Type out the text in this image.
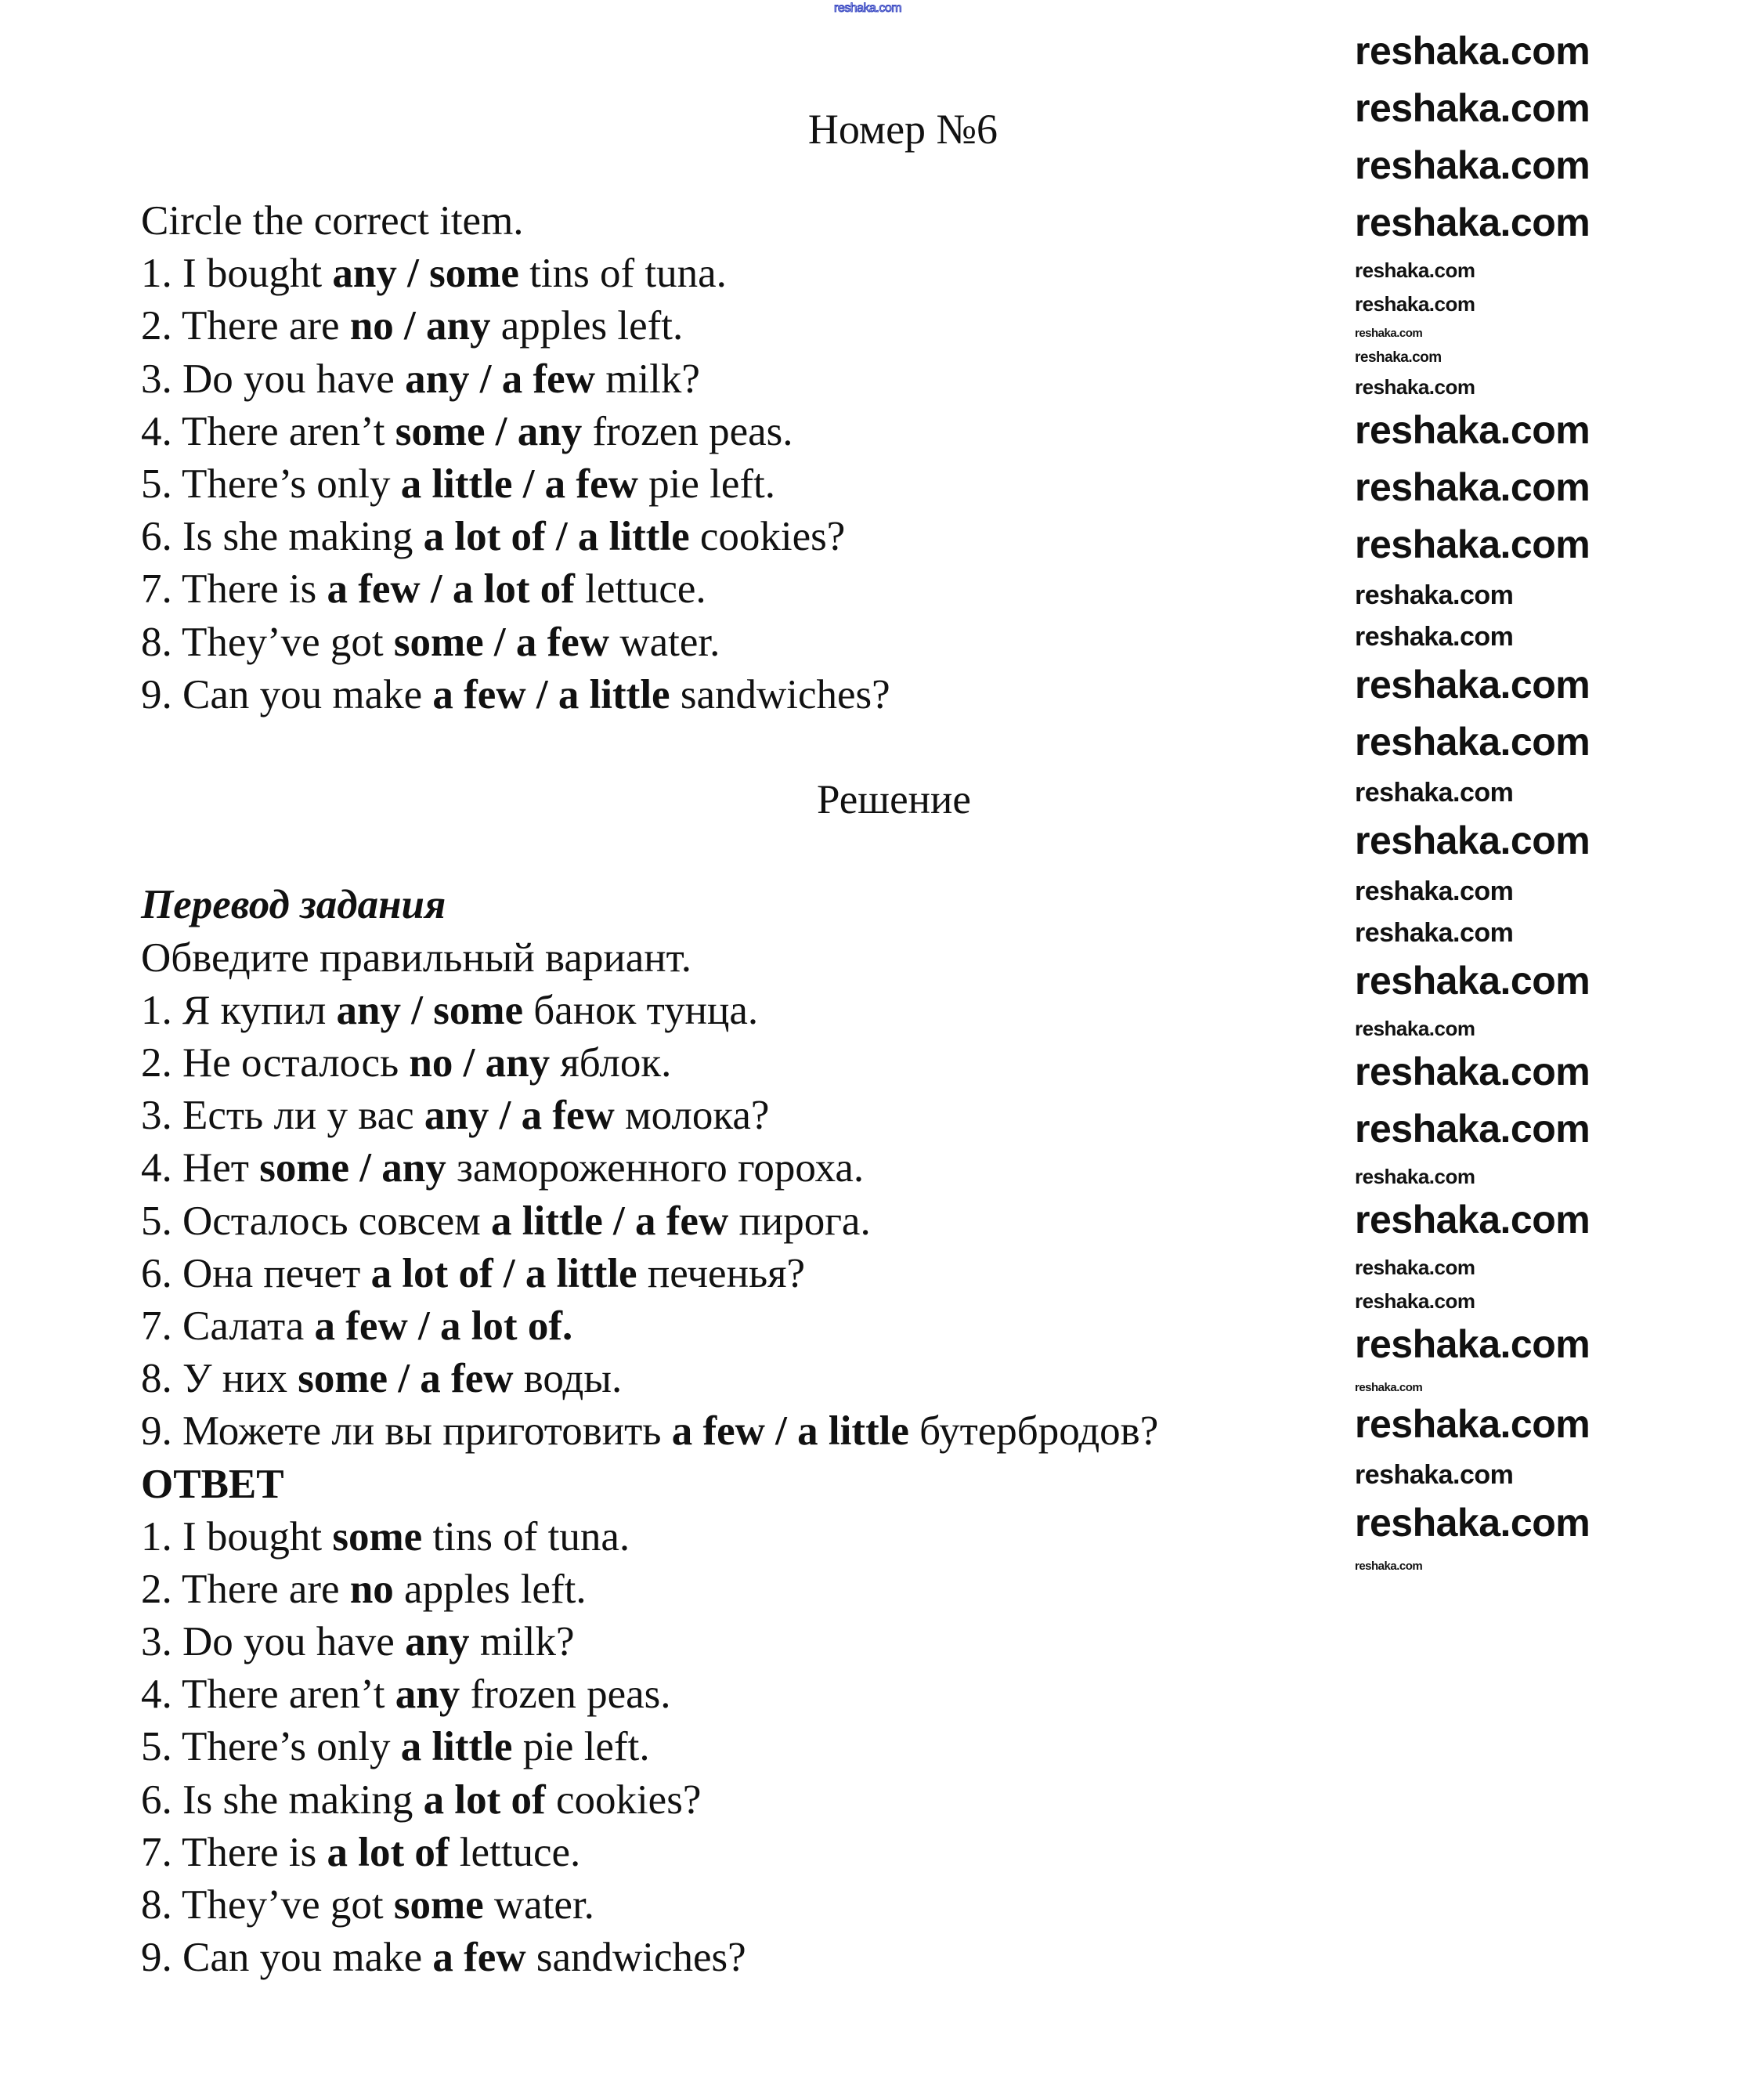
reshaka.com
Номер №6
Circle the correct item.
1. I bought any / some tins of tuna.
2. There are no / any apples left.
3. Do you have any / a few milk?
4. There aren’t some / any frozen peas.
5. There’s only a little / a few pie left.
6. Is she making a lot of / a little cookies?
7. There is a few / a lot of lettuce.
8. They’ve got some / a few water.
9. Can you make a few / a little sandwiches?
Решение
Перевод задания
Обведите правильный вариант.
1. Я купил any / some банок тунца.
2. Не осталось no / any яблок.
3. Есть ли у вас any / a few молока?
4. Нет some / any замороженного гороха.
5. Осталось совсем a little / a few пирога.
6. Она печет a lot of / a little печенья?
7. Салата a few / a lot of.
8. У них some / a few воды.
9. Можете ли вы приготовить a few / a little бутербродов?
ОТВЕТ
1. I bought some tins of tuna.
2. There are no apples left.
3. Do you have any milk?
4. There aren’t any frozen peas.
5. There’s only a little pie left.
6. Is she making a lot of cookies?
7. There is a lot of lettuce.
8. They’ve got some water.
9. Can you make a few sandwiches?
reshaka.com
reshaka.com
reshaka.com
reshaka.com
reshaka.com
reshaka.com
reshaka.com
reshaka.com
reshaka.com
reshaka.com
reshaka.com
reshaka.com
reshaka.com
reshaka.com
reshaka.com
reshaka.com
reshaka.com
reshaka.com
reshaka.com
reshaka.com
reshaka.com
reshaka.com
reshaka.com
reshaka.com
reshaka.com
reshaka.com
reshaka.com
reshaka.com
reshaka.com
reshaka.com
reshaka.com
reshaka.com
reshaka.com
reshaka.com
